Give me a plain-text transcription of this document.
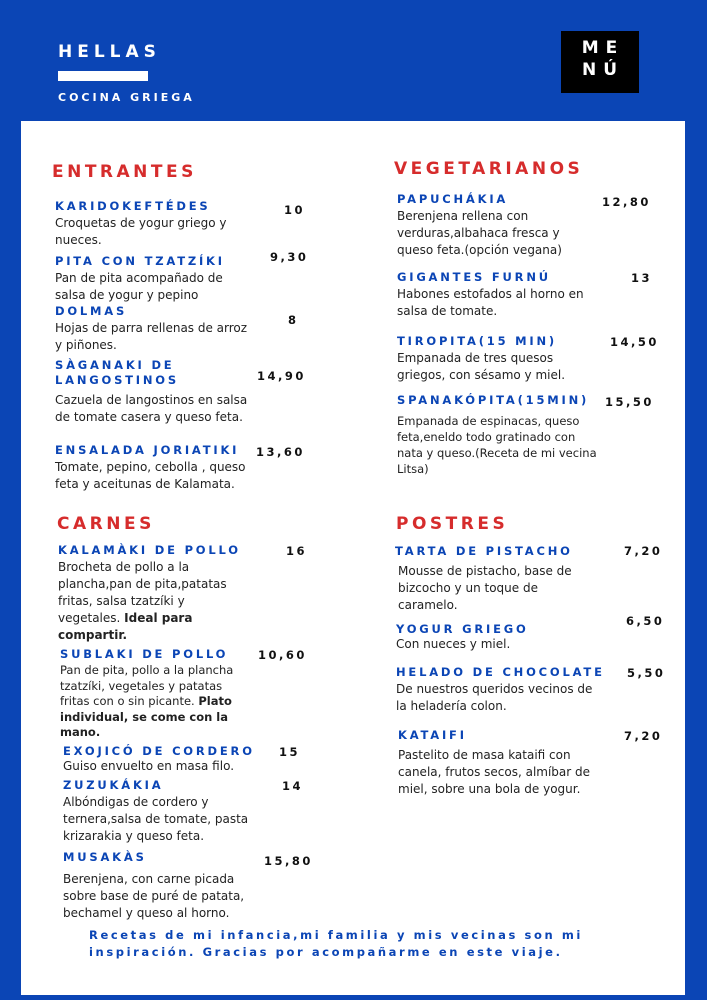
HELLAS
COCINA GRIEGA
ME
NÚ
ENTRANTES
KARIDOKEFTÉDES
Croquetas de yogur griego y nueces.
10
PITA CON TZATZÍKI
Pan de pita acompañado de salsa de yogur y pepino
9,30
DOLMAS
Hojas de parra rellenas de arroz y piñones.
8
SÀGANAKI DE LANGOSTINOS
Cazuela de langostinos en salsa de tomate casera y queso feta.
14,90
ENSALADA JORIATIKI
Tomate, pepino, cebolla , queso feta y aceitunas de Kalamata.
13,60
VEGETARIANOS
PAPUCHÁKIA
Berenjena rellena con verduras,albahaca fresca y queso feta.(opción vegana)
12,80
GIGANTES FURNÚ
Habones estofados al horno en salsa de tomate.
13
TIROPITA(15 MIN)
Empanada de tres quesos griegos, con sésamo y miel.
14,50
SPANAKÓPITA(15MIN)
Empanada de espinacas, queso feta,eneldo todo gratinado con nata y queso.(Receta de mi vecina Litsa)
15,50
CARNES
KALAMÀKI DE POLLO
Brocheta de pollo a la plancha,pan de pita,patatas fritas, salsa tzatzíki y vegetales. Ideal para compartir.
16
SUBLAKI DE POLLO
Pan de pita, pollo a la plancha tzatzíki, vegetales y patatas fritas con o sin picante. Plato individual, se come con la mano.
10,60
EXOJICÓ DE CORDERO
Guiso envuelto en masa filo.
15
ZUZUKÁKIA
Albóndigas de cordero y ternera,salsa de tomate, pasta krizarakia y queso feta.
14
MUSAKÀS
Berenjena, con carne picada sobre base de puré de patata, bechamel y queso al horno.
15,80
POSTRES
TARTA DE PISTACHO
Mousse de pistacho, base de bizcocho y un toque de caramelo.
7,20
YOGUR GRIEGO
Con nueces y miel.
6,50
HELADO DE CHOCOLATE
De nuestros queridos vecinos de la heladería colon.
5,50
KATAIFI
Pastelito de masa kataifi con canela, frutos secos, almíbar de miel, sobre una bola de yogur.
7,20
Recetas de mi infancia,mi familia y mis vecinas son mi inspiración. Gracias por acompañarme en este viaje.
